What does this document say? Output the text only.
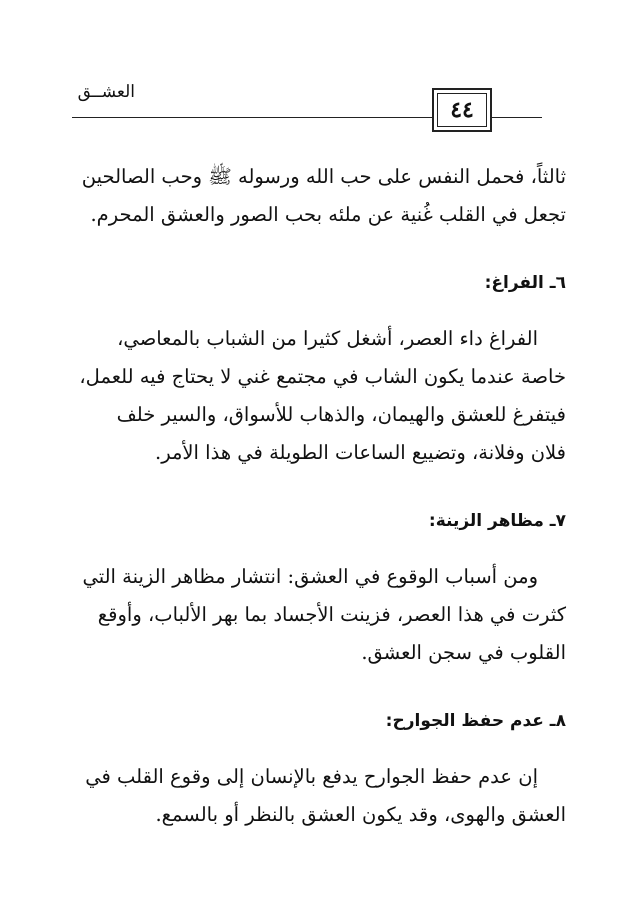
العشــق
٤٤

ثالثاً، فحمل النفس على حب الله ورسوله ﷺ وحب الصالحين
تجعل في القلب غُنية عن ملئه بحب الصور والعشق المحرم.

٦ـ الفراغ:

الفراغ داء العصر، أشغل كثيرا من الشباب بالمعاصي،
خاصة عندما يكون الشاب في مجتمع غني لا يحتاج فيه للعمل،
فيتفرغ للعشق والهيمان، والذهاب للأسواق، والسير خلف
فلان وفلانة، وتضييع الساعات الطويلة في هذا الأمر.

٧ـ مظاهر الزينة:

ومن أسباب الوقوع في العشق: انتشار مظاهر الزينة التي
كثرت في هذا العصر، فزينت الأجساد بما بهر الألباب، وأوقع
القلوب في سجن العشق.

٨ـ عدم حفظ الجوارح:

إن عدم حفظ الجوارح يدفع بالإنسان إلى وقوع القلب في
العشق والهوى، وقد يكون العشق بالنظر أو بالسمع.
